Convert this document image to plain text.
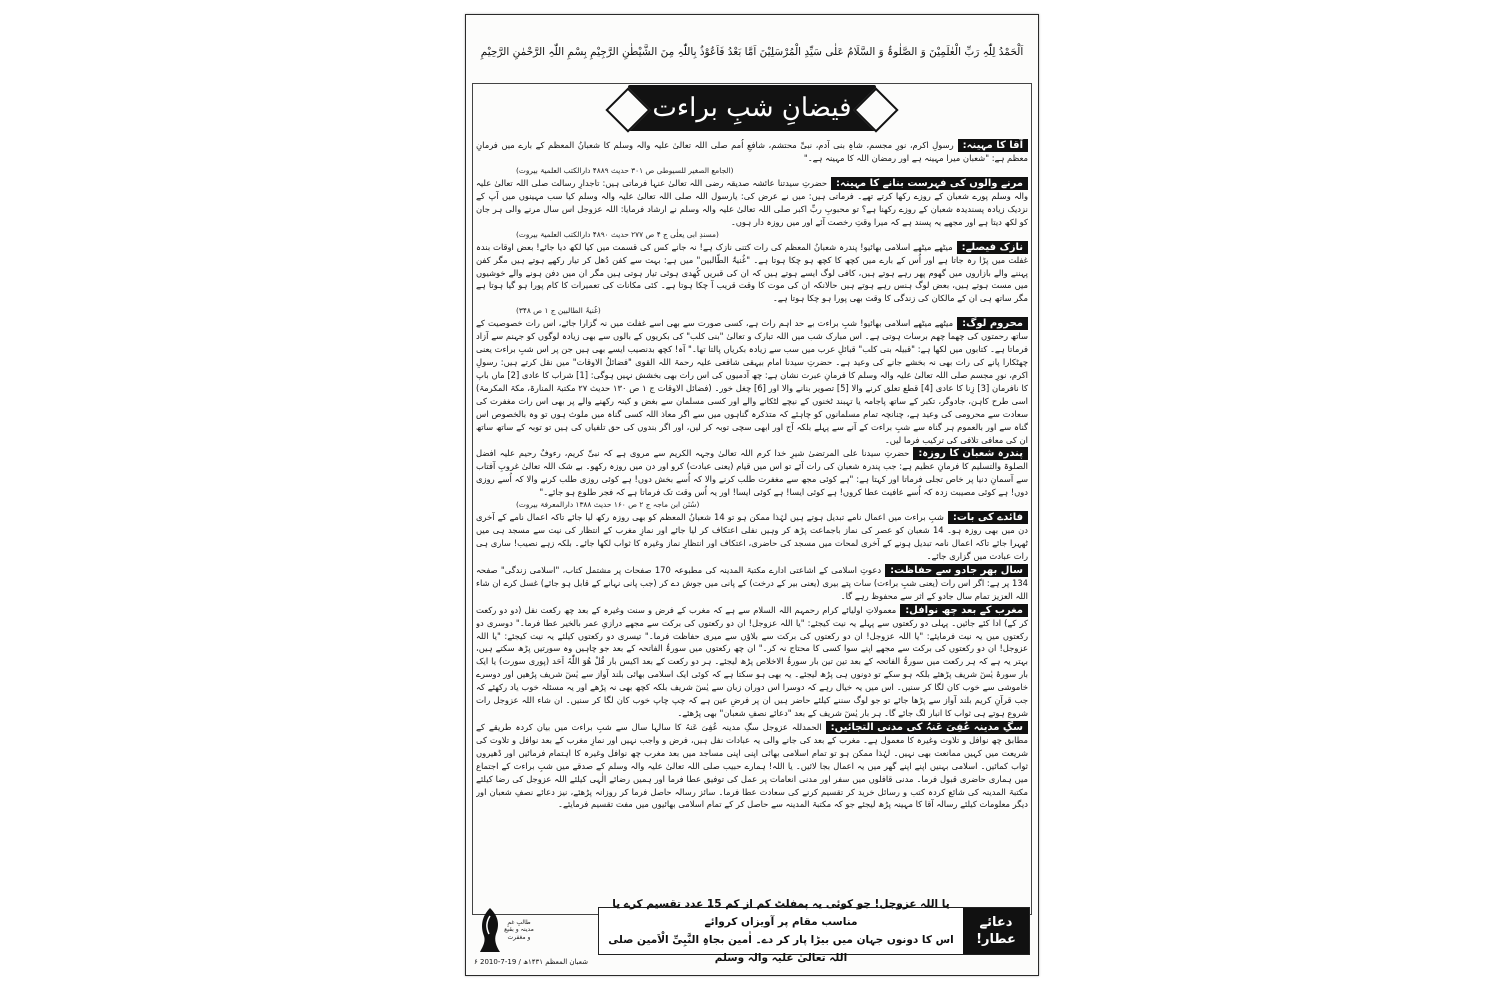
اَلْحَمْدُ لِلّٰہِ رَبِّ الْعٰلَمِیْنَ وَ الصَّلٰوۃُ وَ السَّلَامُ عَلٰی سَیِّدِ الْمُرْسَلِیْنَ اَمَّا بَعْدُ فَاَعُوْذُ بِاللّٰہِ مِنَ الشَّیْطٰنِ الرَّجِیْمِ بِسْمِ اللّٰہِ الرَّحْمٰنِ الرَّحِیْمِ
فیضانِ شبِ براءت
آقا کا مہینہ:رسولِ اکرم، نورِ مجسم، شاہِ بنی آدم، نبیِّ محتشم، شافعِ اُمم صلی اللہ تعالیٰ علیہ والہ وسلم کا شعبانُ المعظم کے بارے میں فرمانِ معظم ہے: "شعبان میرا مہینہ ہے اور رمضان اللہ کا مہینہ ہے۔"
(الجامع الصغیر للسیوطی ص ۳۰۱ حدیث ۴۸۸۹ دارالکتب العلمیۃ بیروت)
مرنے والوں کی فہرست بنانے کا مہینہ:حضرتِ سیدتنا عائشہ صدیقہ رضی اللہ تعالیٰ عنہا فرماتی ہیں: تاجدارِ رسالت صلی اللہ تعالیٰ علیہ والہ وسلم پورے شعبان کے روزے رکھا کرتے تھے۔ فرماتی ہیں: میں نے عرض کی: یارسول اللہ صلی اللہ تعالیٰ علیہ والہ وسلم کیا سب مہینوں میں آپ کے نزدیک زیادہ پسندیدہ شعبان کے روزے رکھنا ہے؟ تو محبوبِ ربِّ اکبر صلی اللہ تعالیٰ علیہ والہ وسلم نے ارشاد فرمایا: اللہ عزوجل اس سال مرنے والی ہر جان کو لکھ دیتا ہے اور مجھے یہ پسند ہے کہ میرا وقتِ رخصت آئے اور میں روزہ دار ہوں۔
(مسندِ ابی یعلٰی ج ۴ ص ۲۷۷ حدیث ۴۸۹۰ دارالکتب العلمیۃ بیروت)
نازک فیصلے:میٹھے میٹھے اسلامی بھائیو! پندرہ شعبانُ المعظم کی رات کتنی نازک ہے! نہ جانے کس کی قسمت میں کیا لکھ دیا جائے! بعض اوقات بندہ غفلت میں پڑا رہ جاتا ہے اور اُس کے بارے میں کچھ کا کچھ ہو چکا ہوتا ہے۔ "غُنیۃُ الطّالبین" میں ہے: بہت سے کفن دُھل کر تیار رکھے ہوتے ہیں مگر کفن پہننے والے بازاروں میں گھوم پھر رہے ہوتے ہیں، کافی لوگ ایسے ہوتے ہیں کہ ان کی قبریں کُھدی ہوئی تیار ہوتی ہیں مگر ان میں دفن ہونے والے خوشیوں میں مست ہوتے ہیں، بعض لوگ ہنس رہے ہوتے ہیں حالانکہ ان کی موت کا وقت قریب آ چکا ہوتا ہے۔ کئی مکانات کی تعمیرات کا کام پورا ہو گیا ہوتا ہے مگر ساتھ ہی ان کے مالکان کی زندگی کا وقت بھی پورا ہو چکا ہوتا ہے۔
(غُنیۃُ الطالبین ج ۱ ص ۳۴۸)
محروم لوگ:میٹھے میٹھے اسلامی بھائیو! شبِ براءت بے حد اہم رات ہے، کسی صورت سے بھی اسے غفلت میں نہ گزارا جائے، اس رات خصوصیت کے ساتھ رحمتوں کی چھما چھم برسات ہوتی ہے۔ اس مبارک شب میں اللہ تبارک و تعالیٰ "بنی کلب" کی بکریوں کے بالوں سے بھی زیادہ لوگوں کو جہنم سے آزاد فرماتا ہے۔ کتابوں میں لکھا ہے: "قبیلہ بنی کلب" قبائلِ عرب میں سب سے زیادہ بکریاں پالتا تھا۔" آہ! کچھ بدنصیب ایسے بھی ہیں جن پر اس شبِ براءت یعنی چھٹکارا پانے کی رات بھی نہ بخشے جانے کی وعید ہے۔ حضرتِ سیدنا امام بیہقی شافعی علیہ رحمۃ اللہ القوی "فضائلُ الاوقات" میں نقل کرتے ہیں: رسولِ اکرم، نورِ مجسم صلی اللہ تعالیٰ علیہ والہ وسلم کا فرمانِ عبرت نشان ہے: چھ آدمیوں کی اس رات بھی بخشش نہیں ہوگی: [1] شراب کا عادی [2] ماں باپ کا نافرمان [3] زِنا کا عادی [4] قطع تعلق کرنے والا [5] تصویر بنانے والا اور [6] چغل خور۔ (فضائل الاوقات ج ۱ ص ۱۳۰ حدیث ۲۷ مکتبۃ المنارۃ، مکۃ المکرمۃ) اسی طرح کاہن، جادوگر، تکبر کے ساتھ پاجامہ یا تہبند ٹخنوں کے نیچے لٹکانے والے اور کسی مسلمان سے بغض و کینہ رکھنے والے پر بھی اس رات مغفرت کی سعادت سے محرومی کی وعید ہے، چنانچہ تمام مسلمانوں کو چاہئے کہ متذکرہ گناہوں میں سے اگر معاذ اللہ کسی گناہ میں ملوث ہوں تو وہ بالخصوص اس گناہ سے اور بالعموم ہر گناہ سے شبِ براءت کے آنے سے پہلے بلکہ آج اور ابھی سچی توبہ کر لیں، اور اگر بندوں کی حق تلفیاں کی ہیں تو توبہ کے ساتھ ساتھ ان کی معافی تلافی کی ترکیب فرما لیں۔
پندرہ شعبان کا روزہ:حضرتِ سیدنا علی المرتضیٰ شیرِ خدا کرم اللہ تعالیٰ وجہہ الکریم سے مروی ہے کہ نبیِّ کریم، رءوفٌ رحیم علیہ افضل الصلوۃ والتسلیم کا فرمانِ عظیم ہے: جب پندرہ شعبان کی رات آئے تو اس میں قیام (یعنی عبادت) کرو اور دن میں روزہ رکھو۔ بے شک اللہ تعالیٰ غروبِ آفتاب سے آسمانِ دنیا پر خاص تجلی فرماتا اور کہتا ہے: "ہے کوئی مجھ سے مغفرت طلب کرنے والا کہ اُسے بخش دوں! ہے کوئی روزی طلب کرنے والا کہ اُسے روزی دوں! ہے کوئی مصیبت زدہ کہ اُسے عافیت عطا کروں! ہے کوئی ایسا! ہے کوئی ایسا! اور یہ اُس وقت تک فرماتا ہے کہ فجر طلوع ہو جائے۔"
(سُنَن ابن ماجہ ج ۲ ص ۱۶۰ حدیث ۱۳۸۸ دارالمعرفۃ بیروت)
فائدے کی بات:شبِ براءت میں اعمال نامے تبدیل ہوتے ہیں لہٰذا ممکن ہو تو 14 شعبانُ المعظم کو بھی روزہ رکھ لیا جائے تاکہ اعمال نامے کے آخری دن میں بھی روزہ ہو۔ 14 شعبان کو عصر کی نماز باجماعت پڑھ کر وہیں نفلی اعتکاف کر لیا جائے اور نمازِ مغرب کے انتظار کی نیت سے مسجد ہی میں ٹھہرا جائے تاکہ اعمال نامہ تبدیل ہونے کے آخری لمحات میں مسجد کی حاضری، اعتکاف اور انتظارِ نماز وغیرہ کا ثواب لکھا جائے۔ بلکہ زہے نصیب! ساری ہی رات عبادت میں گزاری جائے۔
سال بھر جادو سے حفاظت:دعوتِ اسلامی کے اشاعتی ادارے مکتبۃ المدینہ کی مطبوعہ 170 صفحات پر مشتمل کتاب، "اسلامی زندگی" صفحہ 134 پر ہے: اگر اس رات (یعنی شبِ براءت) سات پتے بیری (یعنی بیر کے درخت) کے پانی میں جوش دے کر (جب پانی نہانے کے قابل ہو جائے) غسل کرے ان شاء اللہ العزیز تمام سال جادو کے اثر سے محفوظ رہے گا۔
مغرب کے بعد چھ نوافل:معمولاتِ اولیائے کرام رحمہم اللہ السلام سے ہے کہ مغرب کے فرض و سنت وغیرہ کے بعد چھ رکعت نفل (دو دو رکعت کر کے) ادا کئے جائیں۔ پہلی دو رکعتوں سے پہلے یہ نیت کیجئے: "یا اللہ عزوجل! ان دو رکعتوں کی برکت سے مجھے درازیِ عمر بالخیر عطا فرما۔" دوسری دو رکعتوں میں یہ نیت فرمایئے: "یا اللہ عزوجل! ان دو رکعتوں کی برکت سے بلاؤں سے میری حفاظت فرما۔" تیسری دو رکعتوں کیلئے یہ نیت کیجئے: "یا اللہ عزوجل! ان دو رکعتوں کی برکت سے مجھے اپنے سوا کسی کا محتاج نہ کر۔" ان چھ رکعتوں میں سورۃُ الفاتحہ کے بعد جو چاہیں وہ سورتیں پڑھ سکتے ہیں، بہتر یہ ہے کہ ہر رکعت میں سورۃُ الفاتحہ کے بعد تین تین بار سورۃُ الاخلاص پڑھ لیجئے۔ ہر دو رکعت کے بعد اکیس بار قُلْ ھُوَ اللّٰہُ اَحَد (پوری سورت) یا ایک بار سورۂ یٰسٓ شریف پڑھئے بلکہ ہو سکے تو دونوں ہی پڑھ لیجئے۔ یہ بھی ہو سکتا ہے کہ کوئی ایک اسلامی بھائی بلند آواز سے یٰسٓ شریف پڑھیں اور دوسرے خاموشی سے خوب کان لگا کر سنیں۔ اس میں یہ خیال رہے کہ دوسرا اس دوران زبان سے یٰسٓ شریف بلکہ کچھ بھی نہ پڑھے اور یہ مسئلہ خوب یاد رکھئے کہ جب قرآنِ کریم بلند آواز سے پڑھا جائے تو جو لوگ سننے کیلئے حاضر ہیں ان پر فرضِ عین ہے کہ چپ چاپ خوب کان لگا کر سنیں۔ ان شاء اللہ عزوجل رات شروع ہوتے ہی ثواب کا انبار لگ جائے گا۔ ہر بار یٰسٓ شریف کے بعد "دعائے نصفِ شعبان" بھی پڑھئے۔
سگِ مدینہ عُفِیَ عَنہُ کی مدنی التجائیں:الحمدللہ عزوجل سگِ مدینہ عُفِیَ عَنہُ کا سالہا سال سے شبِ براءت میں بیان کردہ طریقے کے مطابق چھ نوافل و تلاوت وغیرہ کا معمول ہے۔ مغرب کے بعد کی جانے والی یہ عبادات نفل ہیں، فرض و واجب نہیں اور نمازِ مغرب کے بعد نوافل و تلاوت کی شریعت میں کہیں ممانعت بھی نہیں۔ لہٰذا ممکن ہو تو تمام اسلامی بھائی اپنی اپنی مساجد میں بعد مغرب چھ نوافل وغیرہ کا اہتمام فرمائیں اور ڈھیروں ثواب کمائیں۔ اسلامی بہنیں اپنے اپنے گھر میں یہ اعمال بجا لائیں۔ یا اللہ! ہمارے حبیب صلی اللہ تعالیٰ علیہ والہ وسلم کے صدقے میں شبِ براءت کے اجتماع میں ہماری حاضری قبول فرما۔ مدنی قافلوں میں سفر اور مدنی انعامات پر عمل کی توفیق عطا فرما اور ہمیں رضائے الٰہی کیلئے اللہ عزوجل کی رضا کیلئے مکتبۃ المدینہ کی شائع کردہ کتب و رسائل خرید کر تقسیم کرنے کی سعادت عطا فرما۔ سائز رسالہ حاصل فرما کر روزانہ پڑھئے، نیز دعائے نصفِ شعبان اور دیگر معلومات کیلئے رسالہ آقا کا مہینہ پڑھ لیجئے جو کہ مکتبۃ المدینہ سے حاصل کر کے تمام اسلامی بھائیوں میں مفت تقسیم فرمایئے۔
طالبِ غمِ مدینہ و بقیع و مغفرت
دعائے
عطار!
یا اللہ عزوجل! جو کوئی یہ پمفلٹ کم از کم 15 عدد تقسیم کرے یا مناسب مقام پر آویزاں کروائے
اس کا دونوں جہان میں بیڑا پار کر دے۔ اٰمین بجاہِ النَّبِیِّ الْاَمین صلی اللہ تعالیٰ علیہ والہ وسلم
۶ شعبان المعظم ۱۴۳۱ھ / 19-7-2010
